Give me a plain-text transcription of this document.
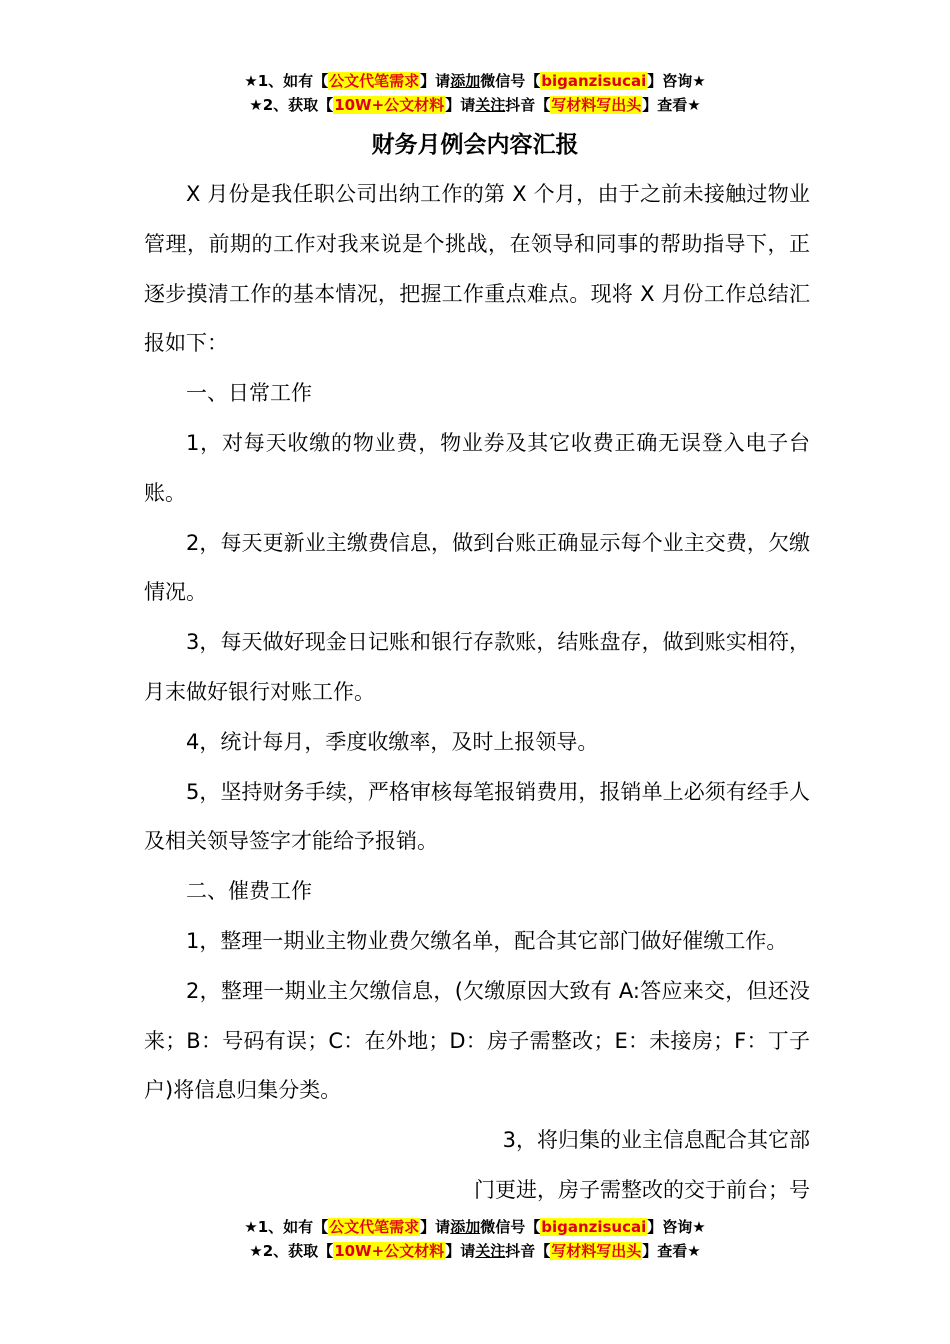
★1、如有【公文代笔需求】请添加微信号【biganzisucai】咨询★
★2、获取【10W+公文材料】请关注抖音【写材料写出头】查看★
财务月例会内容汇报

X 月份是我任职公司出纳工作的第 X 个月，由于之前未接触过物业管理，前期的工作对我来说是个挑战，在领导和同事的帮助指导下，正逐步摸清工作的基本情况，把握工作重点难点。现将 X 月份工作总结汇报如下：

一、日常工作

1，对每天收缴的物业费，物业券及其它收费正确无误登入电子台账。

2，每天更新业主缴费信息，做到台账正确显示每个业主交费，欠缴情况。

3，每天做好现金日记账和银行存款账，结账盘存，做到账实相符，月末做好银行对账工作。

4，统计每月，季度收缴率，及时上报领导。

5，坚持财务手续，严格审核每笔报销费用，报销单上必须有经手人及相关领导签字才能给予报销。

二、催费工作

1，整理一期业主物业费欠缴名单，配合其它部门做好催缴工作。

2，整理一期业主欠缴信息，(欠缴原因大致有 A:答应来交，但还没来；B：号码有误；C：在外地；D：房子需整改；E：未接房；F：丁子户)将信息归集分类。

3，将归集的业主信息配合其它部

门更进，房子需整改的交于前台；号

★1、如有【公文代笔需求】请添加微信号【biganzisucai】咨询★
★2、获取【10W+公文材料】请关注抖音【写材料写出头】查看★
